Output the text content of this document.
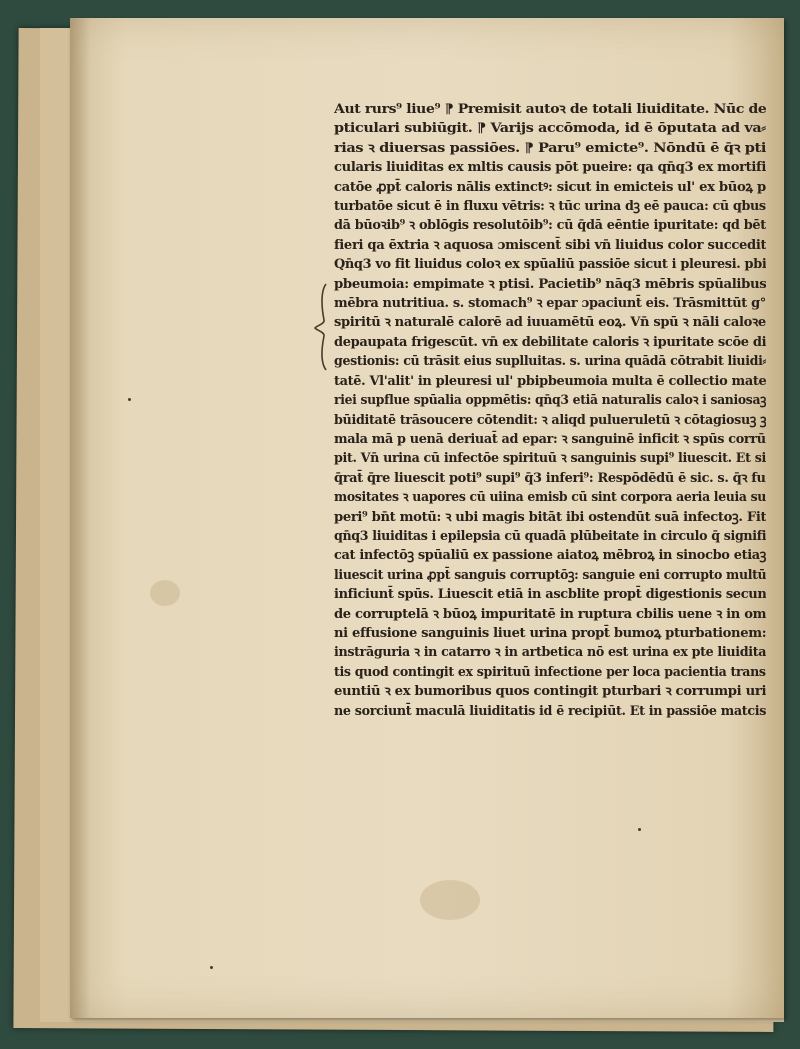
Aut rurs⁹ liue⁹ ⁋ Premisit autoꝛ de totali liuiditate. Nūc de
pticulari subiūgit. ⁋ Varijs accōmoda, id ē ōputata ad va⸗
rias ꝛ diuersas passiōes. ⁋ Paru⁹ emicte⁹. Nōndū ē q̄ꝛ pti
cularis liuiditas ex mltis causis pōt pueire: qa qn̄q3 ex mortifi
catōe ꝓpt̄ caloris nālis extinctꝰ: sicut in emicteis ul' ex būoꝝ p
turbatōe sicut ē in fluxu vētris: ꝛ tūc urina dꝫ eē pauca: cū qbus
dā būoꝛib⁹ ꝛ oblōgis resolutōib⁹: cū q̄dā eēntie ipuritate: qd bēt
fieri qa ēxtria ꝛ aquosa ɔmiscent̄ sibi vn̄ liuidus color succedit
Qn̄q3 vo fit liuidus coloꝛ ex spūaliū passiōe sicut i pleuresi. pbi
pbeumoia: empimate ꝛ ptisi. Pacietib⁹ nāq3 mēbris spūalibus
mēbra nutritiua. s. stomach⁹ ꝛ epar ɔpaciunt̄ eis. Trāsmittūt g°
spiritū ꝛ naturalē calorē ad iuuamētū eoꝝ. Vn̄ spū ꝛ nāli caloꝛe
depaupata frigescūt. vn̄ ex debilitate caloris ꝛ ipuritate scōe di
gestionis: cū trāsit eius suplluitas. s. urina quādā cōtrabit liuidi⸗
tatē. Vl'alit' in pleuresi ul' pbipbeumoia multa ē collectio mate
riei supflue spūalia oppmētis: qn̄q3 etiā naturalis caloꝛ i saniosaꝫ
būiditatē trāsoucere cōtendit: ꝛ aliqd pulueruletū ꝛ cōtagiosuꝫ ꝫ
mala mā p uenā deriuat̄ ad epar: ꝛ sanguinē inficit ꝛ spūs corrū
pit. Vn̄ urina cū infectōe spirituū ꝛ sanguinis supi⁹ liuescit. Et si
q̄rat̄ q̄re liuescit poti⁹ supi⁹ q̄3 inferi⁹: Respōdēdū ē sic. s. q̄ꝛ fu
mositates ꝛ uapores cū uiina emisb cū sint corpora aeria leuia su
peri⁹ bn̄t motū: ꝛ ubi magis bitāt ibi ostendūt suā infectoꝫ. Fit
qn̄q3 liuiditas i epilepsia cū quadā plūbeitate in circulo q̄ signifi
cat infectōꝫ spūaliū ex passione aiatoꝝ mēbroꝝ in sinocbo etiaꝫ
liuescit urina ꝓpt̄ sanguis corruptōꝫ: sanguie eni corrupto multū
inficiunt̄ spūs. Liuescit etiā in ascblite propt̄ digestionis secun
de corruptelā ꝛ būoꝝ impuritatē in ruptura cbilis uene ꝛ in om
ni effusione sanguinis liuet urina propt̄ bumoꝝ pturbationem:
instrāguria ꝛ in catarro ꝛ in artbetica nō est urina ex pte liuidita
tis quod contingit ex spirituū infectione per loca pacientia trans
euntiū ꝛ ex bumoribus quos contingit pturbari ꝛ corrumpi uri
ne sorciunt̄ maculā liuiditatis id ē recipiūt. Et in passiōe matcis
